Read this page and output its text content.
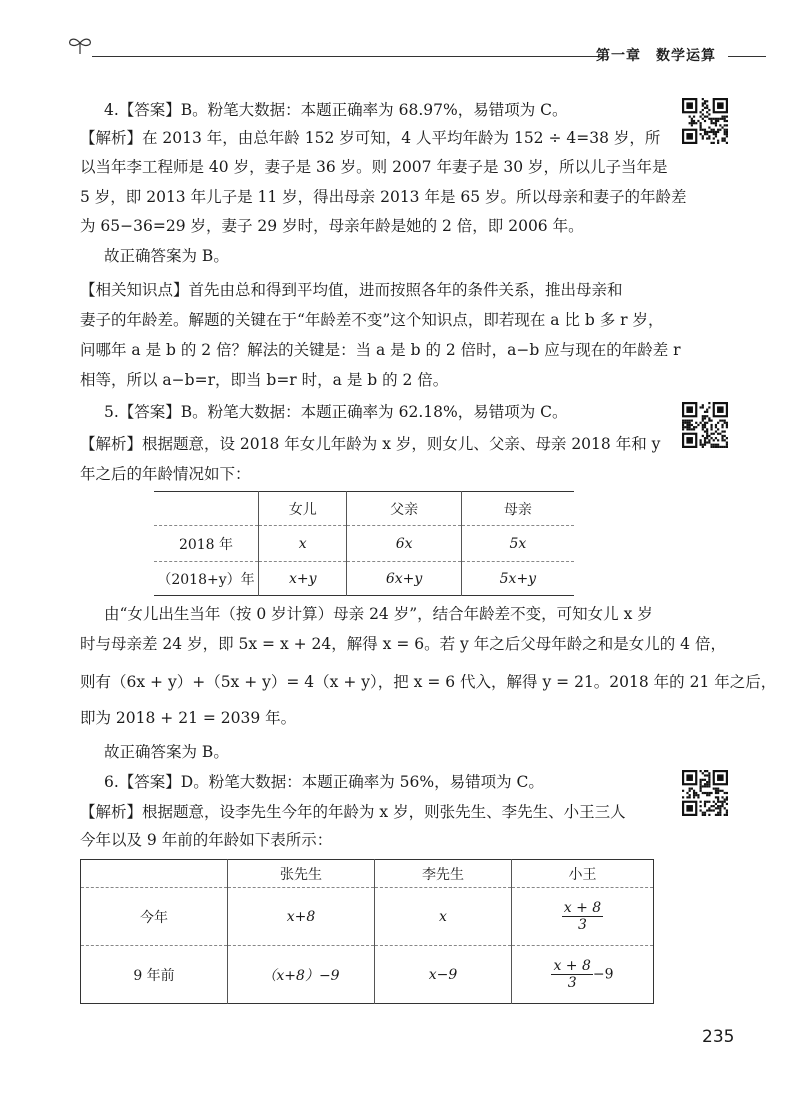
第一章　数学运算
4.【答案】B。粉笔大数据：本题正确率为 68.97%，易错项为 C。
【解析】在 2013 年，由总年龄 152 岁可知，4 人平均年龄为 152 ÷ 4=38 岁，所
以当年李工程师是 40 岁，妻子是 36 岁。则 2007 年妻子是 30 岁，所以儿子当年是
5 岁，即 2013 年儿子是 11 岁，得出母亲 2013 年是 65 岁。所以母亲和妻子的年龄差
为 65−36=29 岁，妻子 29 岁时，母亲年龄是她的 2 倍，即 2006 年。
故正确答案为 B。
【相关知识点】首先由总和得到平均值，进而按照各年的条件关系，推出母亲和
妻子的年龄差。解题的关键在于“年龄差不变”这个知识点，即若现在 a 比 b 多 r 岁，
问哪年 a 是 b 的 2 倍？解法的关键是：当 a 是 b 的 2 倍时，a−b 应与现在的年龄差 r
相等，所以 a−b=r，即当 b=r 时，a 是 b 的 2 倍。
5.【答案】B。粉笔大数据：本题正确率为 62.18%，易错项为 C。
【解析】根据题意，设 2018 年女儿年龄为 x 岁，则女儿、父亲、母亲 2018 年和 y
年之后的年龄情况如下：
	女儿	父亲	母亲
2018 年	x	6x	5x
（2018+y）年	x+y	6x+y	5x+y
由“女儿出生当年（按 0 岁计算）母亲 24 岁”，结合年龄差不变，可知女儿 x 岁
时与母亲差 24 岁，即 5x = x + 24，解得 x = 6。若 y 年之后父母年龄之和是女儿的 4 倍，
则有（6x + y）+（5x + y）= 4（x + y），把 x = 6 代入，解得 y = 21。2018 年的 21 年之后，
即为 2018 + 21 = 2039 年。
故正确答案为 B。
6.【答案】D。粉笔大数据：本题正确率为 56%，易错项为 C。
【解析】根据题意，设李先生今年的年龄为 x 岁，则张先生、李先生、小王三人
今年以及 9 年前的年龄如下表所示：
	张先生	李先生	小王
今年	x+8	x	$\frac{x + 8}{3}$

9 年前	（x+8）−9	x−9	$\frac{x + 8}{3} -9$
235
